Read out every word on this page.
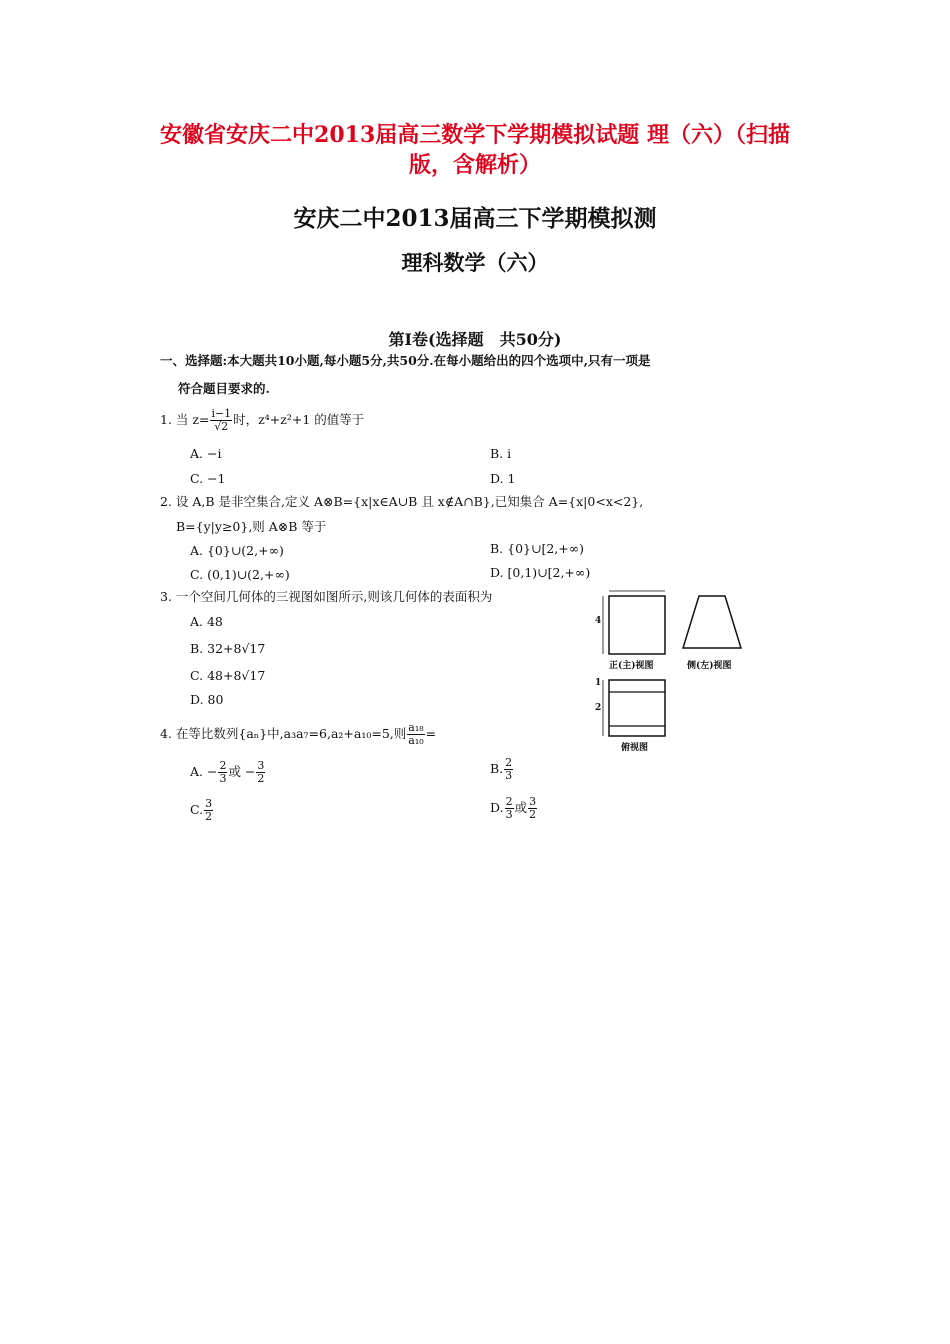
安徽省安庆二中2013届高三数学下学期模拟试题 理（六）（扫描
版，含解析）
安庆二中2013届高三下学期模拟测
理科数学（六）
第Ⅰ卷(选择题　共50分)
一、选择题:本大题共10小题,每小题5分,共50分.在每小题给出的四个选项中,只有一项是
符合题目要求的.
1. 当 $z= \frac{i-1}{√2}$ 时，z⁴+z²+1 的值等于
A. −i	B. i
C. −1	D. 1
2. 设 A,B 是非空集合,定义 A⊗B={x|x∈A∪B 且 x∉A∩B},已知集合 A={x|0<x<2},
B={y|y≥0},则 A⊗B 等于
A. {0}∪(2,+∞)	B. {0}∪[2,+∞)
C. (0,1)∪(2,+∞)	D. [0,1)∪[2,+∞)
3. 一个空间几何体的三视图如图所示,则该几何体的表面积为
A. 48
B. 32+8√17
C. 48+8√17
D. 80
4
1
2
正(主)视图	侧(左)视图
俯视图
4. 在等比数列{aₙ}中,a₃a₇=6,a₂+a₁₀=5,则 $\frac{\text{a₁₈}}{\text{a₁₀}}$ =
A. − $\frac{2}{3}$ 或 − $\frac{3}{2}$	B. $\frac{2}{3}$
C. $\frac{3}{2}$	D. $\frac{2}{3}$ 或 $\frac{3}{2}$
